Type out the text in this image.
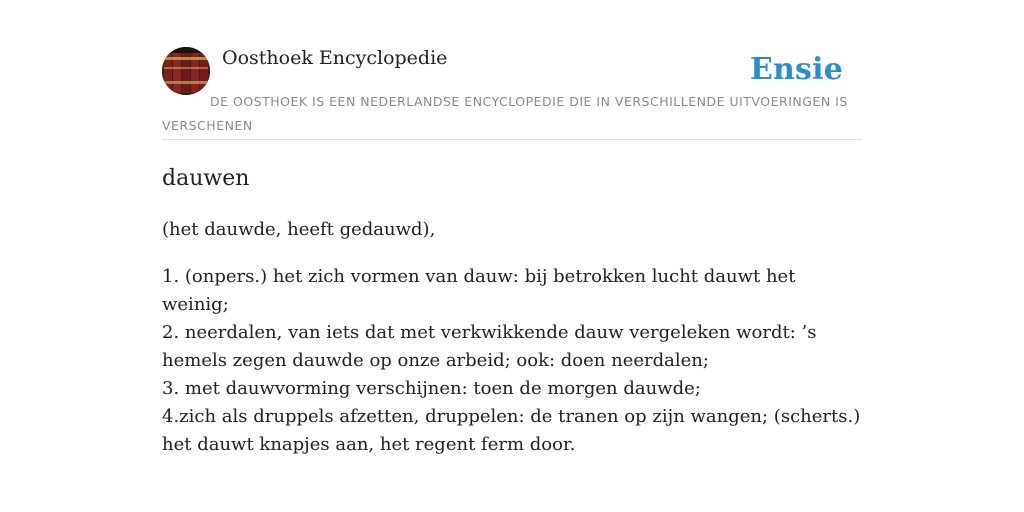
Oosthoek Encyclopedie	Ensie
DE OOSTHOEK IS EEN NEDERLANDSE ENCYCLOPEDIE DIE IN VERSCHILLENDE UITVOERINGEN IS VERSCHENEN
dauwen
(het dauwde, heeft gedauwd),
1. (onpers.) het zich vormen van dauw: bij betrokken lucht dauwt het weinig;
2. neerdalen, van iets dat met verkwikkende dauw vergeleken wordt: ’s hemels zegen dauwde op onze arbeid; ook: doen neerdalen;
3. met dauwvorming verschijnen: toen de morgen dauwde;
4.zich als druppels afzetten, druppelen: de tranen op zijn wangen; (scherts.) het dauwt knapjes aan, het regent ferm door.
